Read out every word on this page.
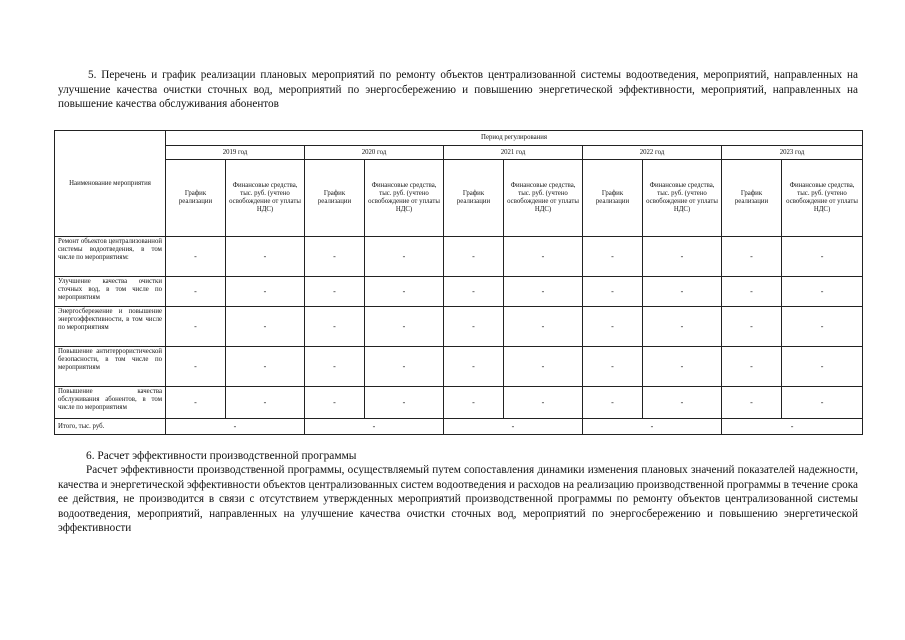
5. Перечень и график реализации плановых мероприятий по ремонту объектов централизованной системы водоотведения, мероприятий, направленных на улучшение качества очистки сточных вод, мероприятий по энергосбережению и повышению энергетической эффективности, мероприятий, направленных на повышение качества обслуживания абонентов

Наименование мероприятия	Период регулирования									
	2019 год		2020 год		2021 год		2022 год		2023 год	
	График реализации	Финансовые средства, тыс. руб. (учтено освобождение от уплаты НДС)	График реализации	Финансовые средства, тыс. руб. (учтено освобождение от уплаты НДС)	График реализации	Финансовые средства, тыс. руб. (учтено освобождение от уплаты НДС)	График реализации	Финансовые средства, тыс. руб. (учтено освобождение от уплаты НДС)	График реализации	Финансовые средства, тыс. руб. (учтено освобождение от уплаты НДС)
Ремонт объектов централизованной системы водоотведения, в том числе по мероприятиям:	-	-	-	-	-	-	-	-	-	-
Улучшение качества очистки сточных вод, в том числе по мероприятиям	-	-	-	-	-	-	-	-	-	-
Энергосбережение и повышение энергоэффективности, в том числе по мероприятиям	-	-	-	-	-	-	-	-	-	-
Повышение антитеррористической безопасности, в том числе по мероприятиям	-	-	-	-	-	-	-	-	-	-
Повышение качества обслуживания абонентов, в том числе по мероприятиям	-	-	-	-	-	-	-	-	-	-
Итого, тыс. руб.	-		-		-		-		-	

6. Расчет эффективности производственной программы

Расчет эффективности производственной программы, осуществляемый путем сопоставления динамики изменения плановых значений показателей надежности, качества и энергетической эффективности объектов централизованных систем водоотведения и расходов на реализацию производственной программы в течение срока ее действия, не производится в связи с отсутствием утвержденных мероприятий производственной программы по ремонту объектов централизованной системы водоотведения, мероприятий, направленных на улучшение качества очистки сточных вод, мероприятий по энергосбережению и повышению энергетической эффективности
